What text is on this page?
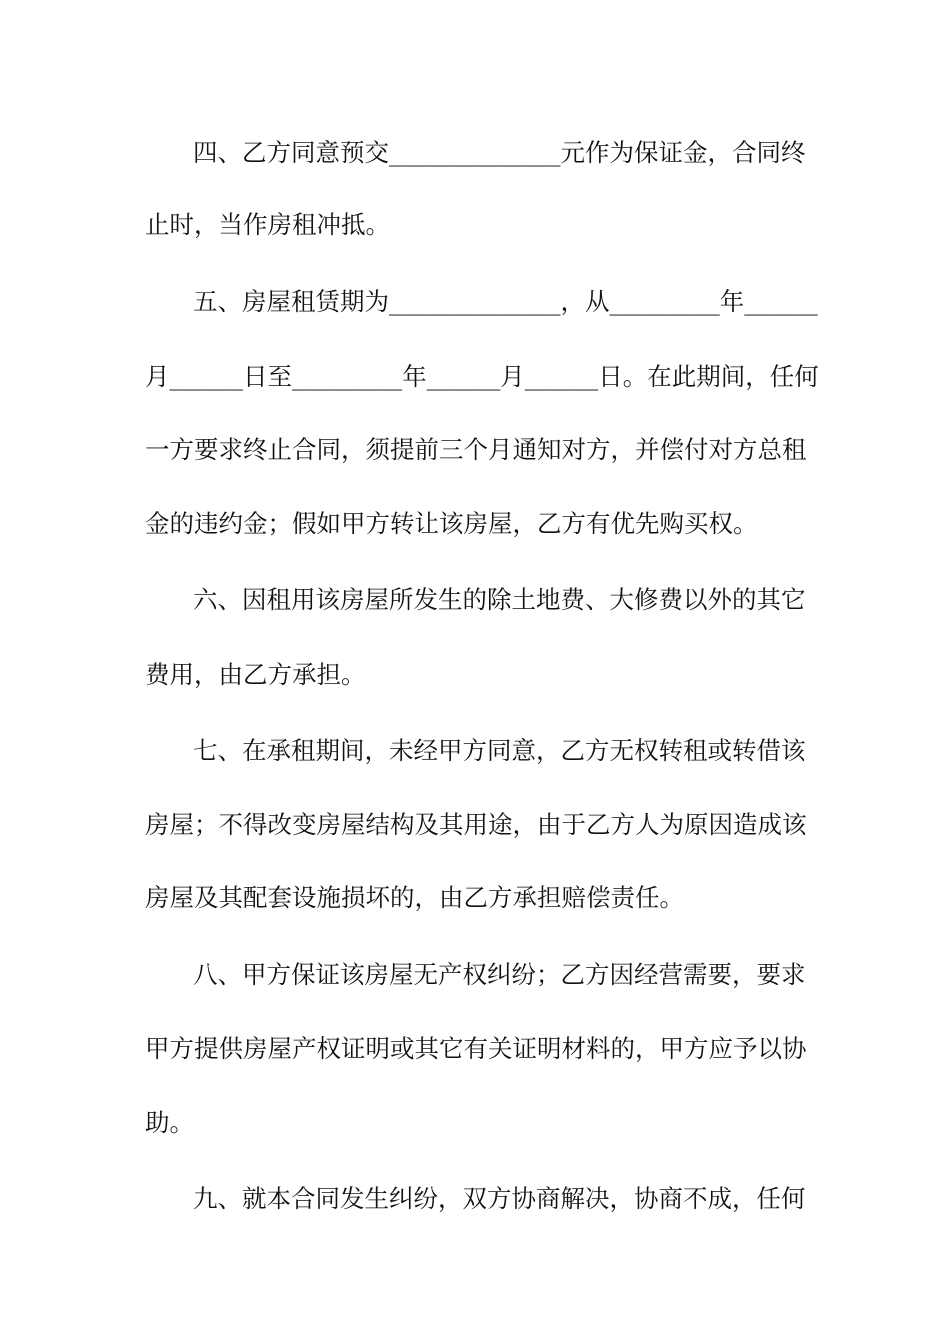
四、乙方同意预交______________元作为保证金，合同终
止时，当作房租冲抵。
五、房屋租赁期为______________，从_________年______
月______日至_________年______月______日。在此期间，任何
一方要求终止合同，须提前三个月通知对方，并偿付对方总租
金的违约金；假如甲方转让该房屋，乙方有优先购买权。
六、因租用该房屋所发生的除土地费、大修费以外的其它
费用，由乙方承担。
七、在承租期间，未经甲方同意，乙方无权转租或转借该
房屋；不得改变房屋结构及其用途，由于乙方人为原因造成该
房屋及其配套设施损坏的，由乙方承担赔偿责任。
八、甲方保证该房屋无产权纠纷；乙方因经营需要，要求
甲方提供房屋产权证明或其它有关证明材料的，甲方应予以协
助。
九、就本合同发生纠纷，双方协商解决，协商不成，任何
